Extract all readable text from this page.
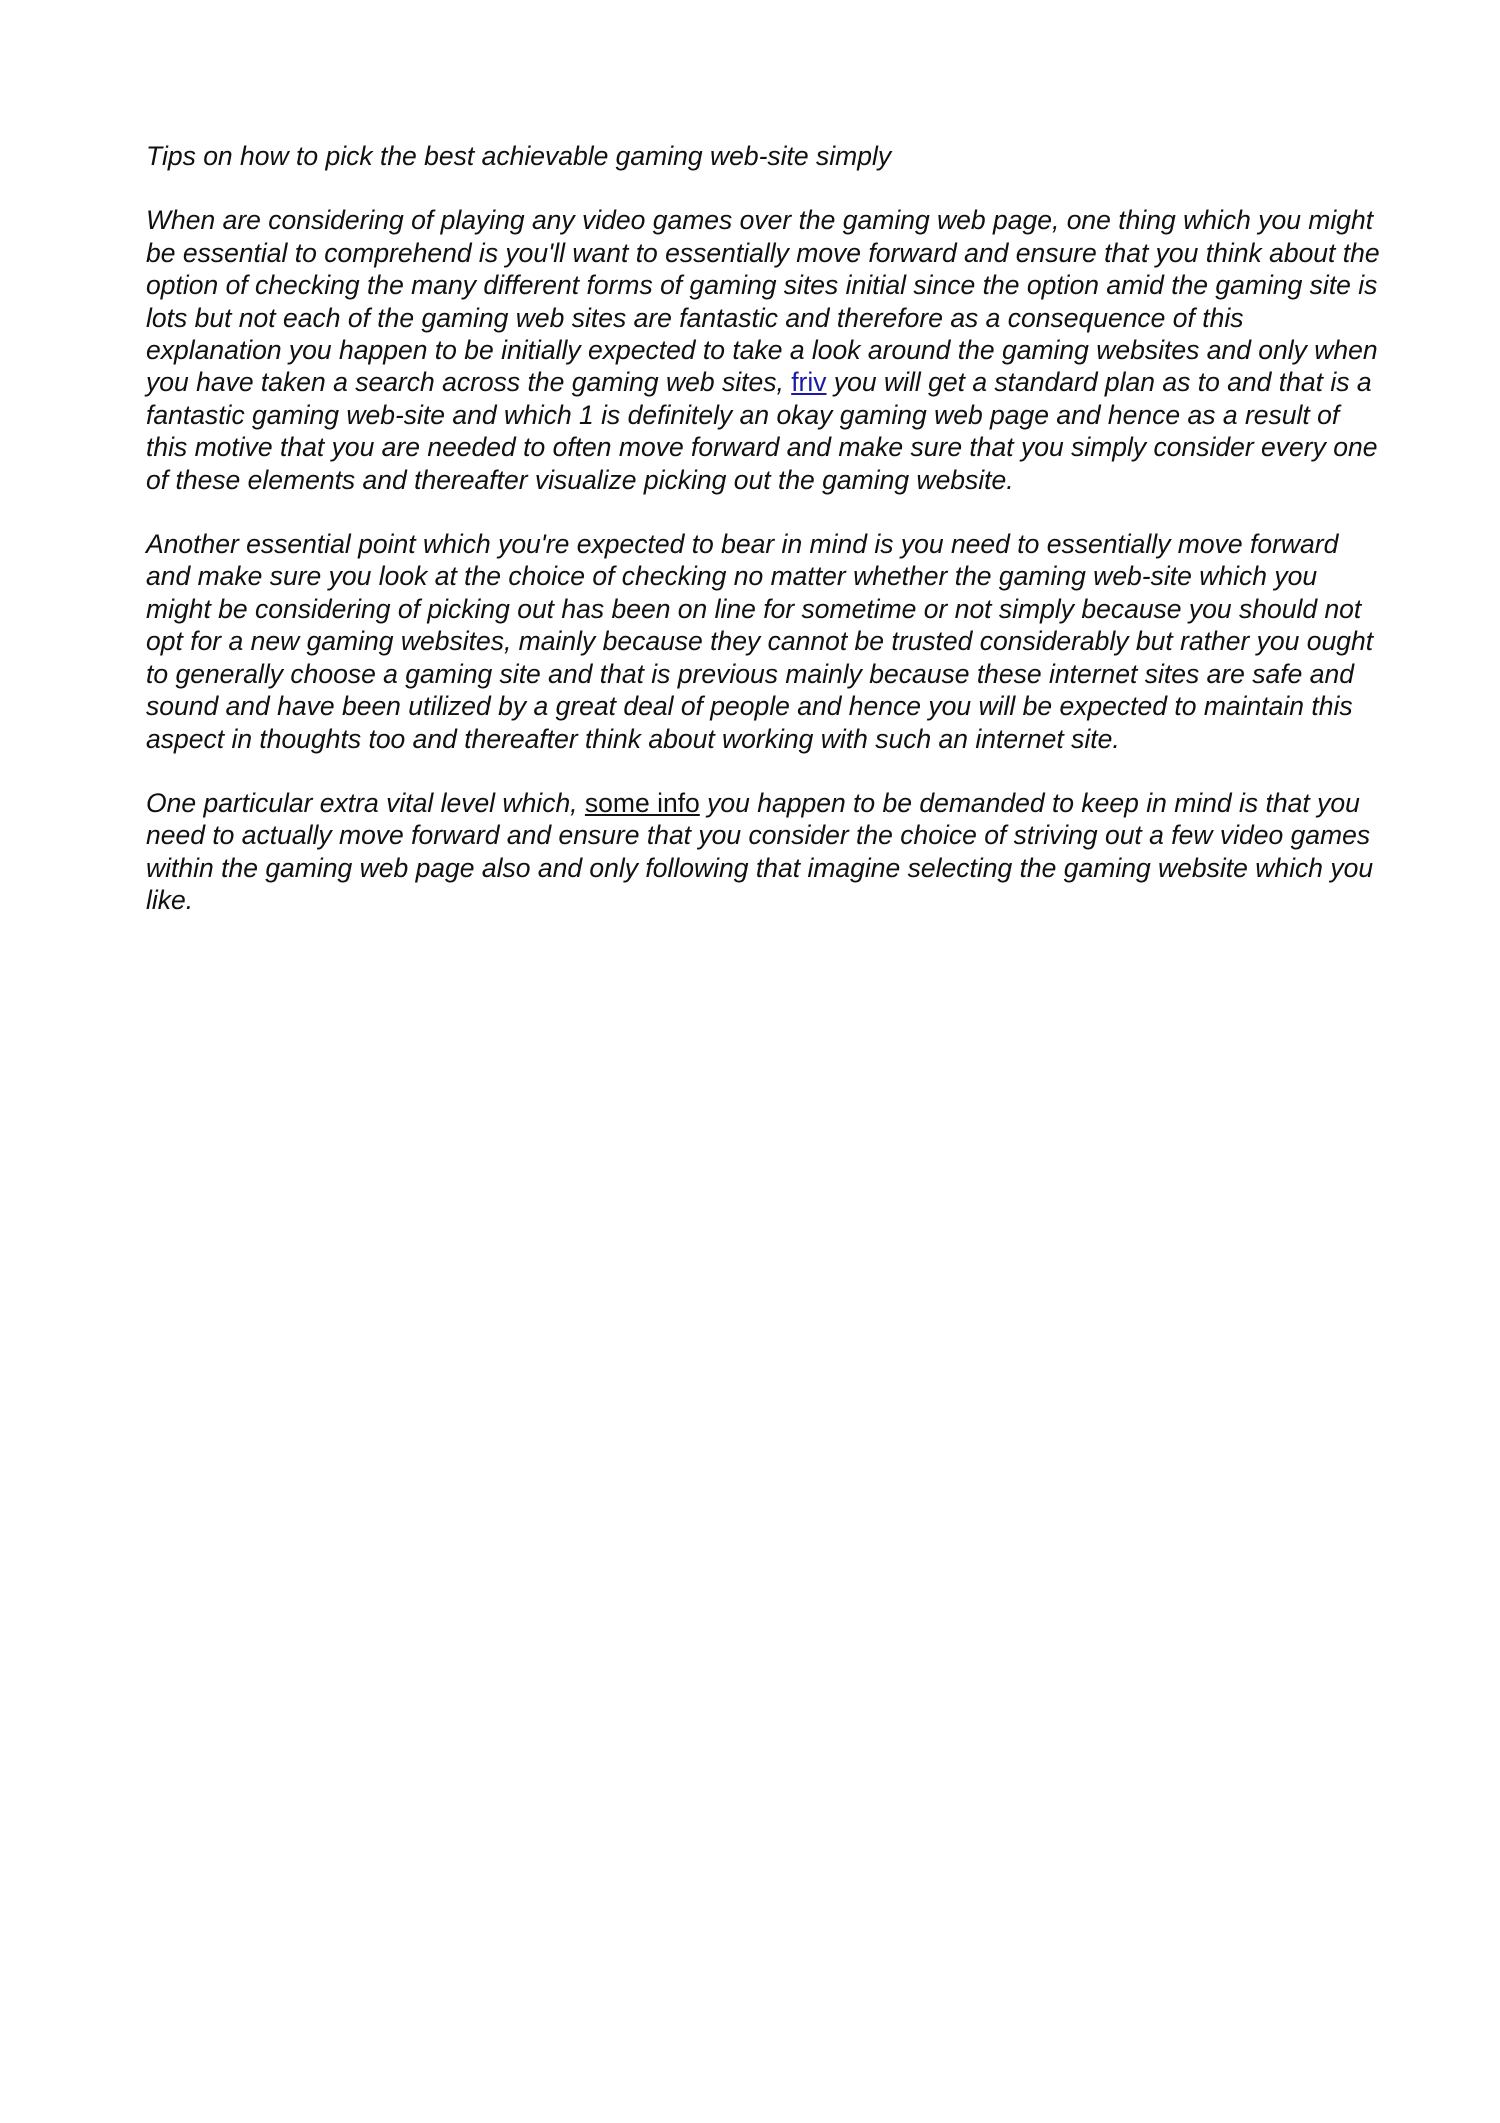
Tips on how to pick the best achievable gaming web-site simply

When are considering of playing any video games over the gaming web page, one thing which you might be essential to comprehend is you'll want to essentially move forward and ensure that you think about the option of checking the many different forms of gaming sites initial since the option amid the gaming site is lots but not each of the gaming web sites are fantastic and therefore as a consequence of this explanation you happen to be initially expected to take a look around the gaming websites and only when you have taken a search across the gaming web sites, friv you will get a standard plan as to and that is a fantastic gaming web-site and which 1 is definitely an okay gaming web page and hence as a result of this motive that you are needed to often move forward and make sure that you simply consider every one of these elements and thereafter visualize picking out the gaming website.

Another essential point which you're expected to bear in mind is you need to essentially move forward and make sure you look at the choice of checking no matter whether the gaming web-site which you might be considering of picking out has been on line for sometime or not simply because you should not opt for a new gaming websites, mainly because they cannot be trusted considerably but rather you ought to generally choose a gaming site and that is previous mainly because these internet sites are safe and sound and have been utilized by a great deal of people and hence you will be expected to maintain this aspect in thoughts too and thereafter think about working with such an internet site.

One particular extra vital level which, some info you happen to be demanded to keep in mind is that you need to actually move forward and ensure that you consider the choice of striving out a few video games within the gaming web page also and only following that imagine selecting the gaming website which you like.
